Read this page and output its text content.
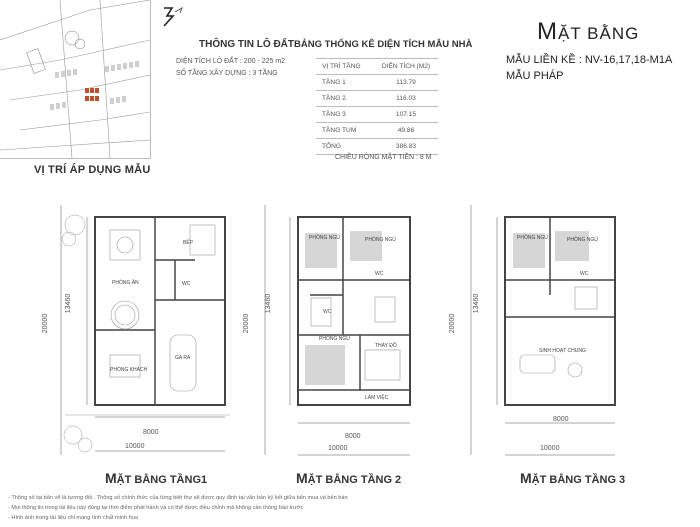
VỊ TRÍ ÁP DỤNG MẪU
THÔNG TIN LÔ ĐẤT
DIỆN TÍCH LÔ ĐẤT : 200 - 225 m2
SỐ TẦNG XÂY DỰNG : 3 TẦNG
BẢNG THỐNG KÊ DIỆN TÍCH MẪU NHÀ
VỊ TRÍ TẦNG	DIỆN TÍCH (M2)
TẦNG 1	113.79
TẦNG 2	116.03
TẦNG 3	107.15
TẦNG TUM	49.86
TỔNG	386.83
CHIỀU RỘNG MẶT TIỀN : 8 M
MẶT BẰNG
MẪU LIỀN KỀ : NV-16,17,18-M1A
MẪU PHÁP
BẾP
PHÒNG ĂN	WC
GA RA
PHÒNG KHÁCH
8000
10000
13460
20000
MẶT BẰNG TẦNG1
PHÒNG NGỦ	PHÒNG NGỦ
WC
WC
PHÒNG NGỦ
THAY ĐỒ
LÀM VIỆC
8000
10000
13460
20000
MẶT BẰNG TẦNG 2
PHÒNG NGỦ	PHÒNG NGỦ
WC
SINH HOẠT CHUNG
8000
10000
13460
20000
MẶT BẰNG TẦNG 3
- Thông số tại bản vẽ là tương đối . Thông số chính thức của từng biệt thự sẽ được quy định tại văn bản ký kết giữa bên mua và bên bán
- Mọi thông tin trong tài liệu này đúng tại thời điểm phát hành và có thể được điều chỉnh mà không cần thông báo trước
- Hình ảnh trong tài liệu chỉ mang tính chất minh họa
